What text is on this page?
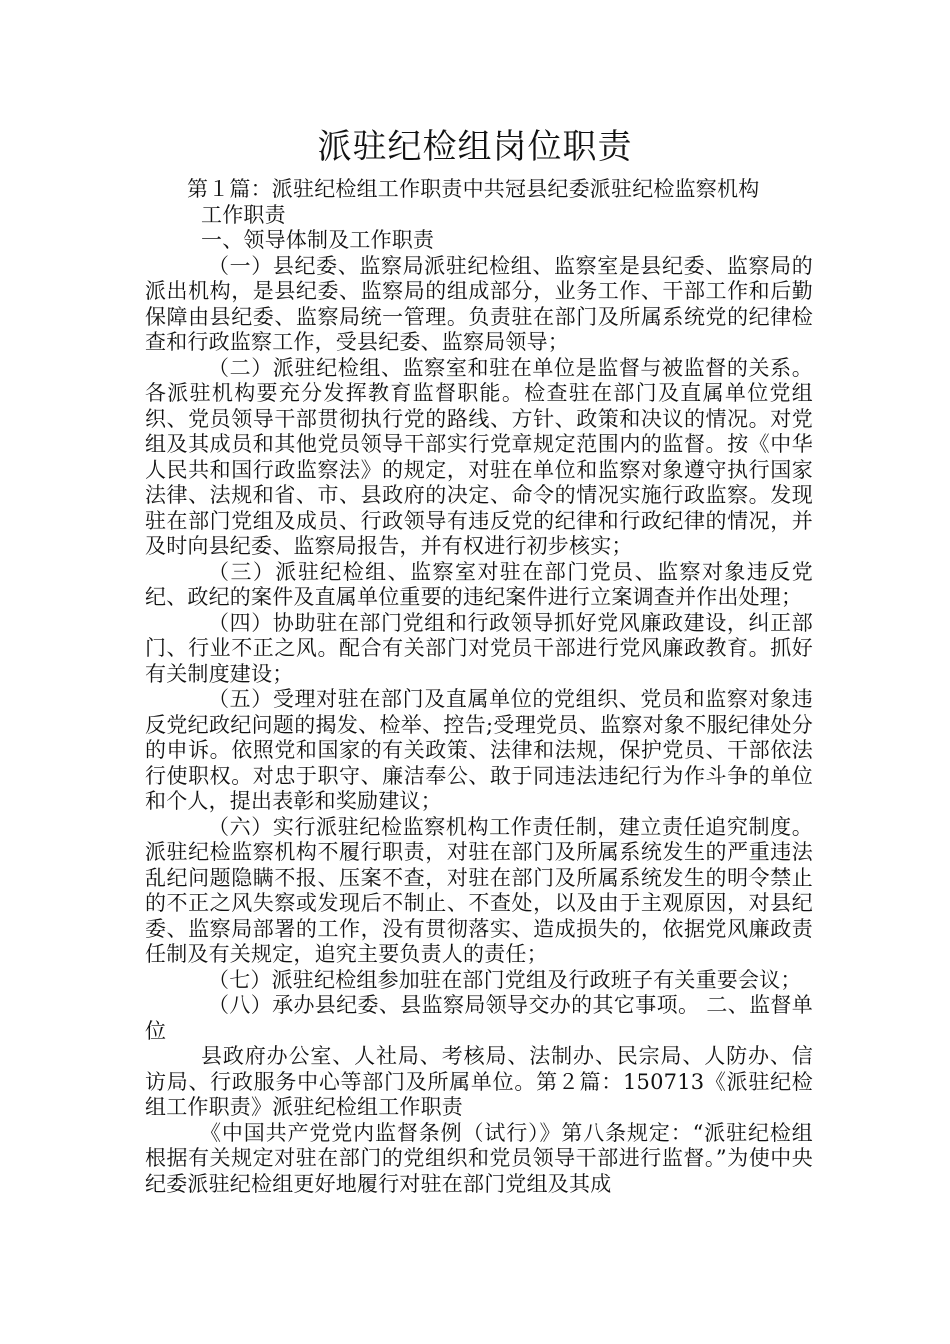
派驻纪检组岗位职责

第１篇：派驻纪检组工作职责中共冠县纪委派驻纪检监察机构

工作职责

一、领导体制及工作职责

（一）县纪委、监察局派驻纪检组、监察室是县纪委、监察局的派出机构，是县纪委、监察局的组成部分，业务工作、干部工作和后勤保障由县纪委、监察局统一管理。负责驻在部门及所属系统党的纪律检查和行政监察工作，受县纪委、监察局领导；

（二）派驻纪检组、监察室和驻在单位是监督与被监督的关系。各派驻机构要充分发挥教育监督职能。检查驻在部门及直属单位党组织、党员领导干部贯彻执行党的路线、方针、政策和决议的情况。对党组及其成员和其他党员领导干部实行党章规定范围内的监督。按《中华人民共和国行政监察法》的规定，对驻在单位和监察对象遵守执行国家法律、法规和省、市、县政府的决定、命令的情况实施行政监察。发现驻在部门党组及成员、行政领导有违反党的纪律和行政纪律的情况，并及时向县纪委、监察局报告，并有权进行初步核实；

（三）派驻纪检组、监察室对驻在部门党员、监察对象违反党纪、政纪的案件及直属单位重要的违纪案件进行立案调查并作出处理；

（四）协助驻在部门党组和行政领导抓好党风廉政建设，纠正部门、行业不正之风。配合有关部门对党员干部进行党风廉政教育。抓好有关制度建设；

（五）受理对驻在部门及直属单位的党组织、党员和监察对象违反党纪政纪问题的揭发、检举、控告;受理党员、监察对象不服纪律处分的申诉。依照党和国家的有关政策、法律和法规，保护党员、干部依法行使职权。对忠于职守、廉洁奉公、敢于同违法违纪行为作斗争的单位和个人，提出表彰和奖励建议；

（六）实行派驻纪检监察机构工作责任制，建立责任追究制度。派驻纪检监察机构不履行职责，对驻在部门及所属系统发生的严重违法乱纪问题隐瞒不报、压案不查，对驻在部门及所属系统发生的明令禁止的不正之风失察或发现后不制止、不查处，以及由于主观原因，对县纪委、监察局部署的工作，没有贯彻落实、造成损失的，依据党风廉政责任制及有关规定，追究主要负责人的责任；

（七）派驻纪检组参加驻在部门党组及行政班子有关重要会议；

（八）承办县纪委、县监察局领导交办的其它事项。 二、监督单位

县政府办公室、人社局、考核局、法制办、民宗局、人防办、信访局、行政服务中心等部门及所属单位。第２篇：150713《派驻纪检组工作职责》派驻纪检组工作职责

《中国共产党党内监督条例（试行）》第八条规定：“派驻纪检组根据有关规定对驻在部门的党组织和党员领导干部进行监督。”为使中央纪委派驻纪检组更好地履行对驻在部门党组及其成
